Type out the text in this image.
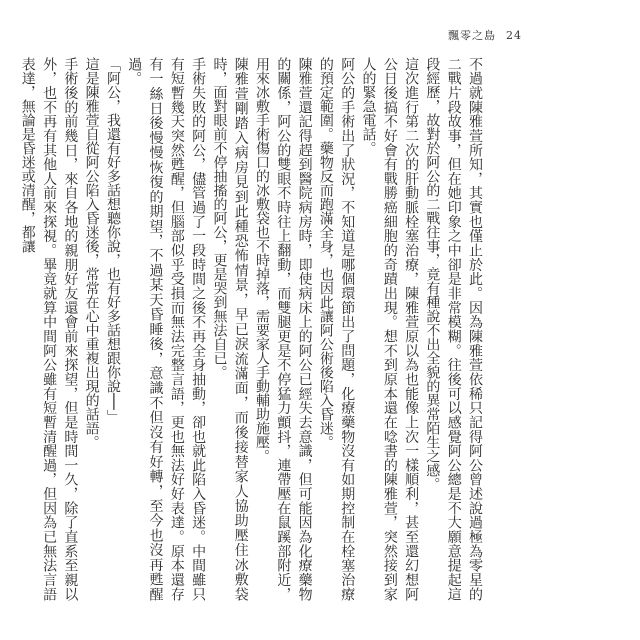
飄零之島 24

不過就陳雅萱所知，其實也僅止於此。因為陳雅萱依稀只記得阿公曾述說過極為零星的二戰片段故事，但在她印象之中卻是非常模糊。往後可以感覺阿公總是不大願意提起這段經歷，故對於阿公的二戰往事，竟有種說不出全貌的異常陌生之感。

這次進行第二次的肝動脈栓塞治療，陳雅萱原以為也能像上次一樣順利，甚至還幻想阿公日後搞不好會有戰勝癌細胞的奇蹟出現。想不到原本還在唸書的陳雅萱，突然接到家人的緊急電話。

阿公的手術出了狀況，不知道是哪個環節出了問題，化療藥物沒有如期控制在栓塞治療的預定範圍。藥物反而跑滿全身，也因此讓阿公術後陷入昏迷。

陳雅萱還記得趕到醫院病房時，即使病床上的阿公已經失去意識，但可能因為化療藥物的關係，阿公的雙眼不時往上翻動，而雙腿更是不停猛力顫抖，連帶壓在鼠蹊部附近，用來冰敷手術傷口的冰敷袋也不時掉落，需要家人手動輔助施壓。

陳雅萱剛踏入病房見到此種恐怖情景，早已淚流滿面，而後接替家人協助壓住冰敷袋時，面對眼前不停抽搐的阿公，更是哭到無法自已。

手術失敗的阿公，儘管過了一段時間之後不再全身抽動，卻也就此陷入昏迷。中間雖只有短暫幾天突然甦醒，但腦部似乎受損而無法完整言語，更也無法好好表達。原本還存有一絲日後慢慢恢復的期望，不過某天昏睡後，意識不但沒有好轉，至今也沒再甦醒過。

「阿公，我還有好多話想聽你說，也有好多話想跟你說──」

這是陳雅萱自從阿公陷入昏迷後，常常在心中重複出現的話語。

手術後的前幾日，來自各地的親朋好友還會前來探望，但是時間一久，除了直系至親以外，也不再有其他人前來探視。畢竟就算中間阿公雖有短暫清醒過，但因為已無法言語表達，無論是昏迷或清醒，都讓
